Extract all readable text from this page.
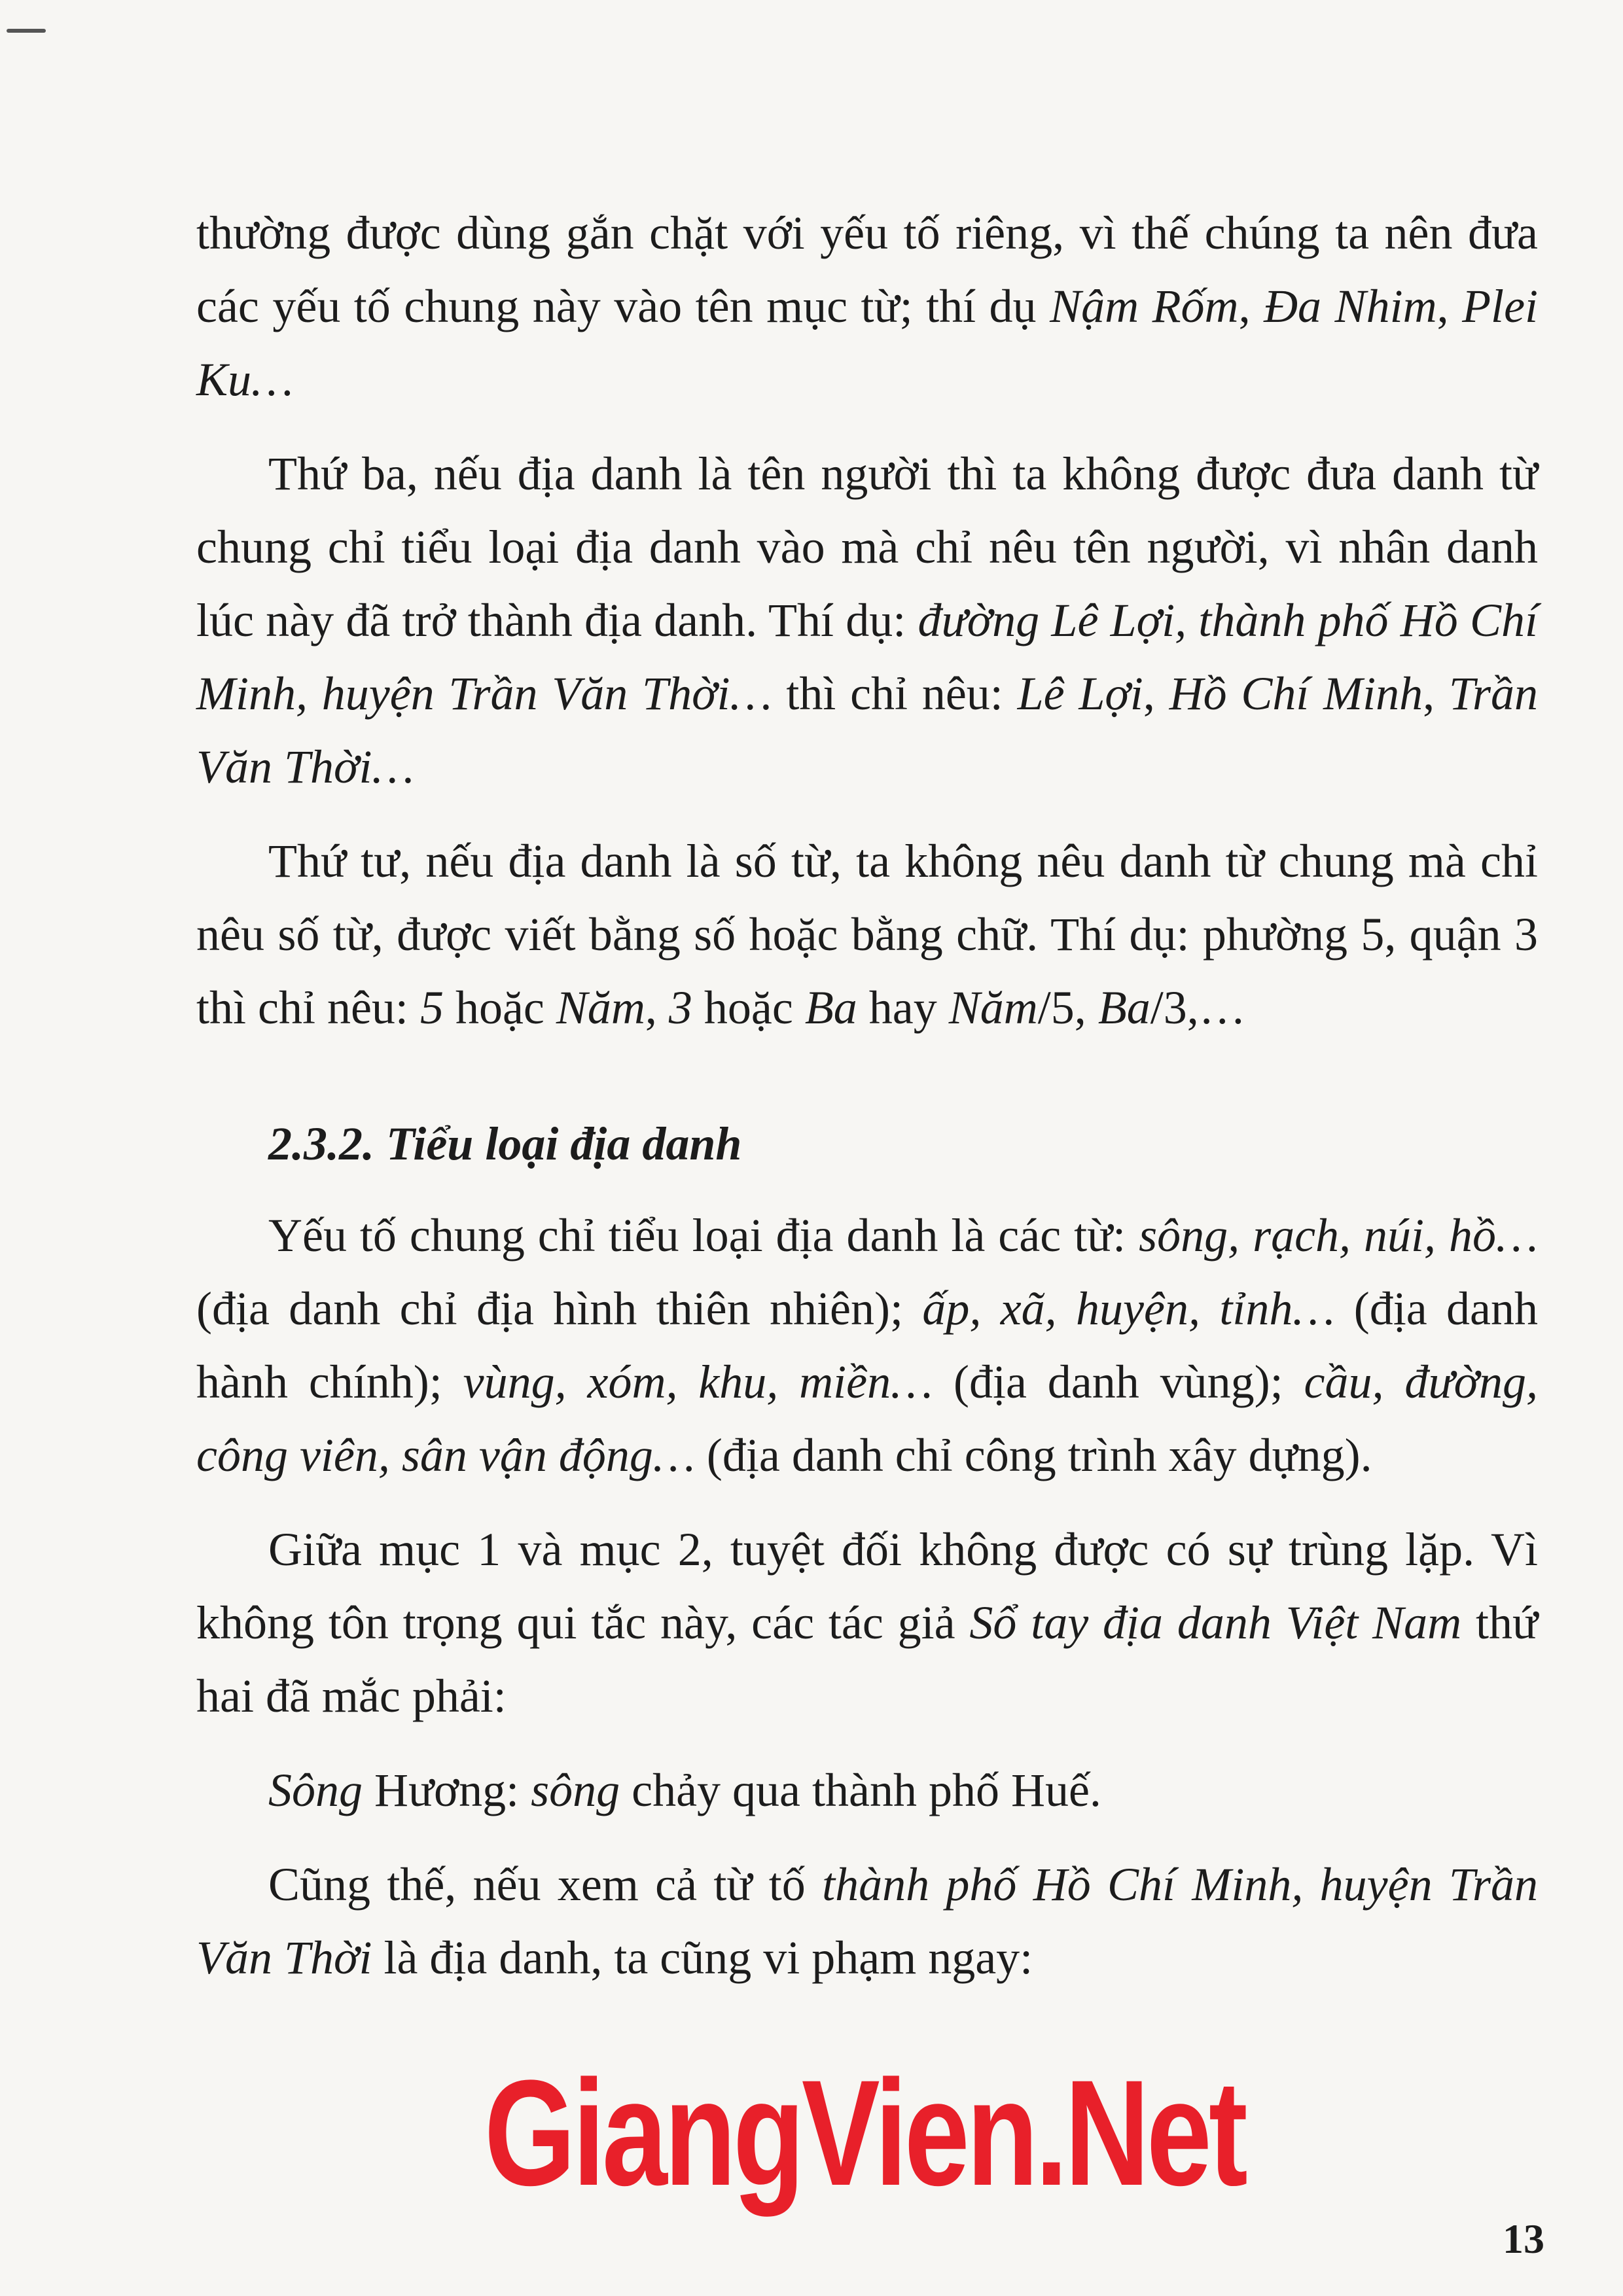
thường được dùng gắn chặt với yếu tố riêng, vì thế chúng ta nên đưa các yếu tố chung này vào tên mục từ; thí dụ Nậm Rốm, Đa Nhim, Plei Ku…

Thứ ba, nếu địa danh là tên người thì ta không được đưa danh từ chung chỉ tiểu loại địa danh vào mà chỉ nêu tên người, vì nhân danh lúc này đã trở thành địa danh. Thí dụ: đường Lê Lợi, thành phố Hồ Chí Minh, huyện Trần Văn Thời… thì chỉ nêu: Lê Lợi, Hồ Chí Minh, Trần Văn Thời…

Thứ tư, nếu địa danh là số từ, ta không nêu danh từ chung mà chỉ nêu số từ, được viết bằng số hoặc bằng chữ. Thí dụ: phường 5, quận 3 thì chỉ nêu: 5 hoặc Năm, 3 hoặc Ba hay Năm/5, Ba/3,…

2.3.2. Tiểu loại địa danh

Yếu tố chung chỉ tiểu loại địa danh là các từ: sông, rạch, núi, hồ… (địa danh chỉ địa hình thiên nhiên); ấp, xã, huyện, tỉnh… (địa danh hành chính); vùng, xóm, khu, miền… (địa danh vùng); cầu, đường, công viên, sân vận động… (địa danh chỉ công trình xây dựng).

Giữa mục 1 và mục 2, tuyệt đối không được có sự trùng lặp. Vì không tôn trọng qui tắc này, các tác giả Sổ tay địa danh Việt Nam thứ hai đã mắc phải:

Sông Hương: sông chảy qua thành phố Huế.

Cũng thế, nếu xem cả từ tố thành phố Hồ Chí Minh, huyện Trần Văn Thời là địa danh, ta cũng vi phạm ngay:

GiangVien.Net
13
